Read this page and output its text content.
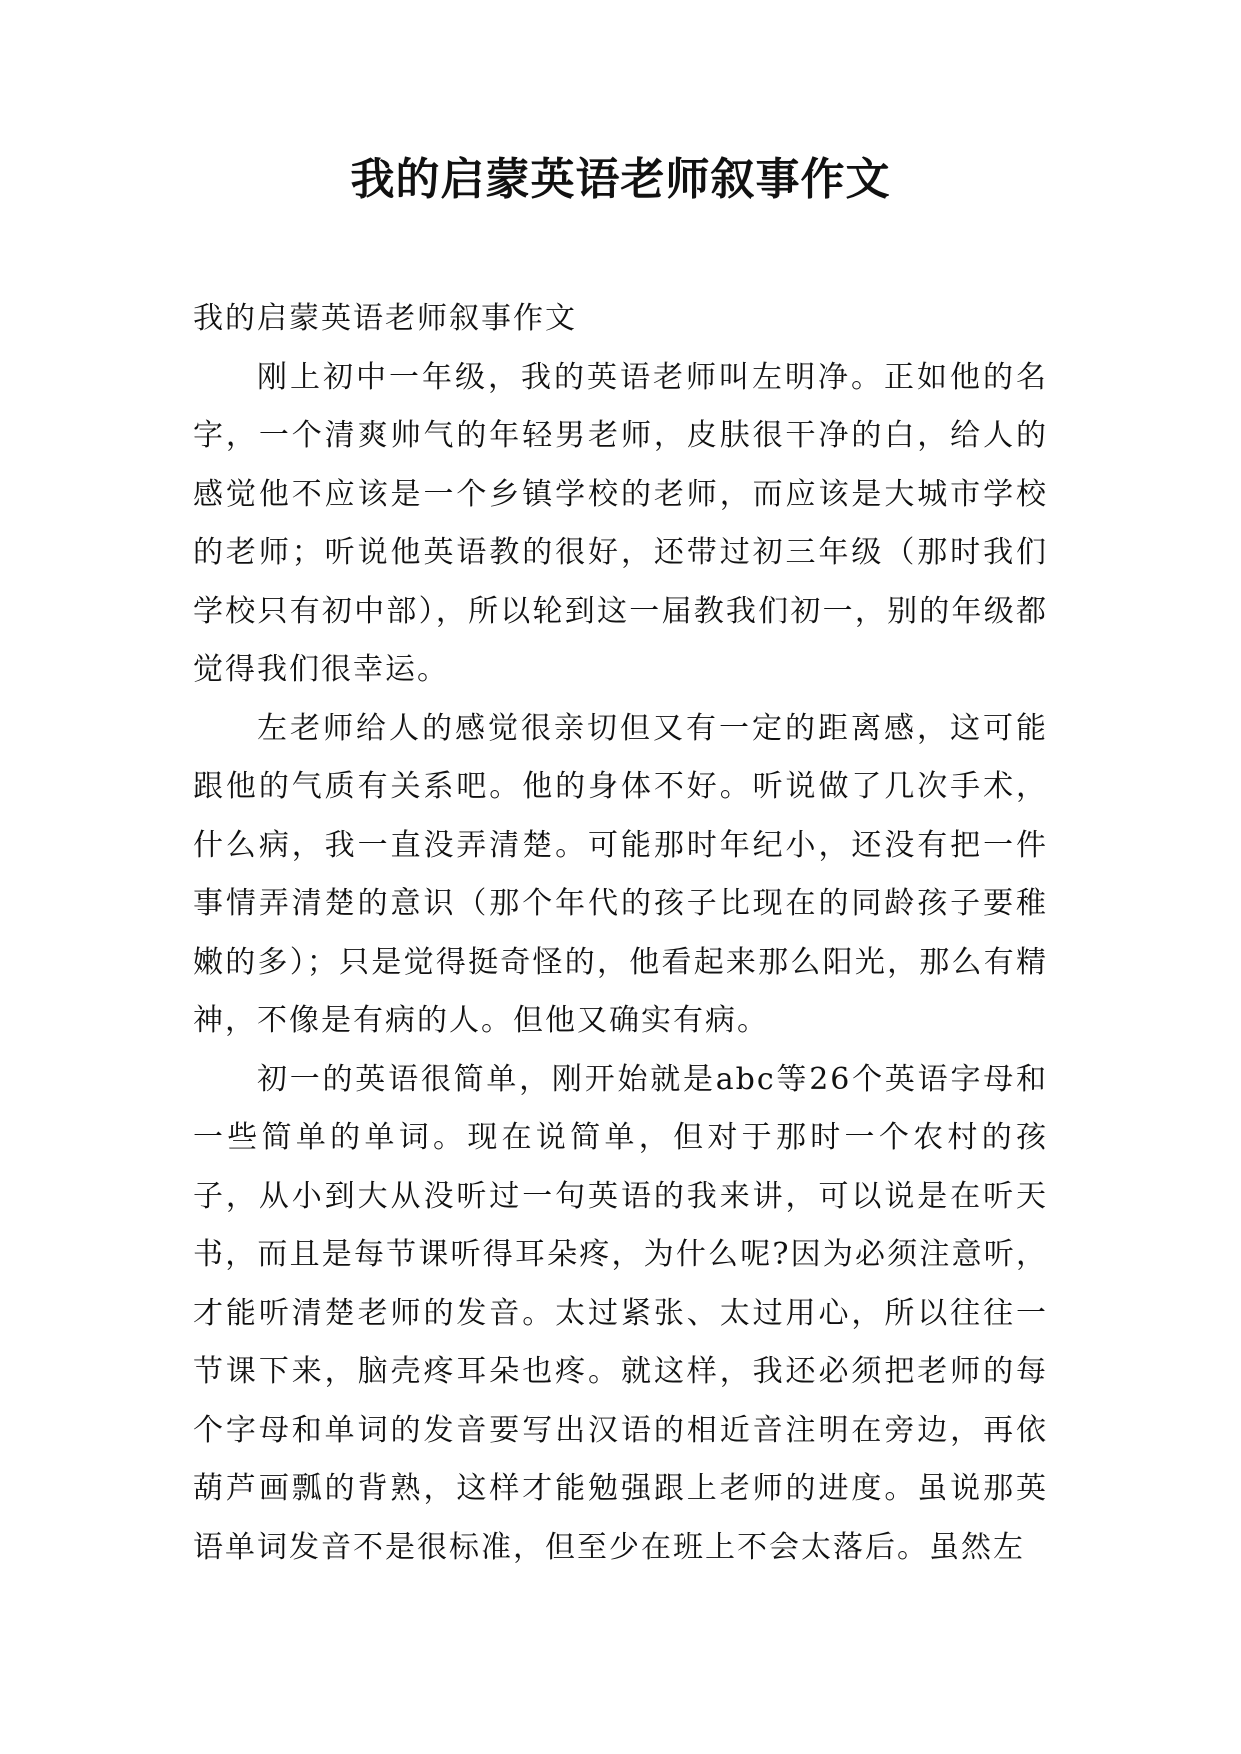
我的启蒙英语老师叙事作文

我的启蒙英语老师叙事作文

刚上初中一年级，我的英语老师叫左明净。正如他的名字，一个清爽帅气的年轻男老师，皮肤很干净的白，给人的感觉他不应该是一个乡镇学校的老师，而应该是大城市学校的老师；听说他英语教的很好，还带过初三年级（那时我们学校只有初中部），所以轮到这一届教我们初一，别的年级都觉得我们很幸运。

左老师给人的感觉很亲切但又有一定的距离感，这可能跟他的气质有关系吧。他的身体不好。听说做了几次手术，什么病，我一直没弄清楚。可能那时年纪小，还没有把一件事情弄清楚的意识（那个年代的孩子比现在的同龄孩子要稚嫩的多）；只是觉得挺奇怪的，他看起来那么阳光，那么有精神，不像是有病的人。但他又确实有病。

初一的英语很简单，刚开始就是abc等26个英语字母和一些简单的单词。现在说简单，但对于那时一个农村的孩子，从小到大从没听过一句英语的我来讲，可以说是在听天书，而且是每节课听得耳朵疼，为什么呢?因为必须注意听，才能听清楚老师的发音。太过紧张、太过用心，所以往往一节课下来，脑壳疼耳朵也疼。就这样，我还必须把老师的每个字母和单词的发音要写出汉语的相近音注明在旁边，再依葫芦画瓢的背熟，这样才能勉强跟上老师的进度。虽说那英语单词发音不是很标准，但至少在班上不会太落后。虽然左
